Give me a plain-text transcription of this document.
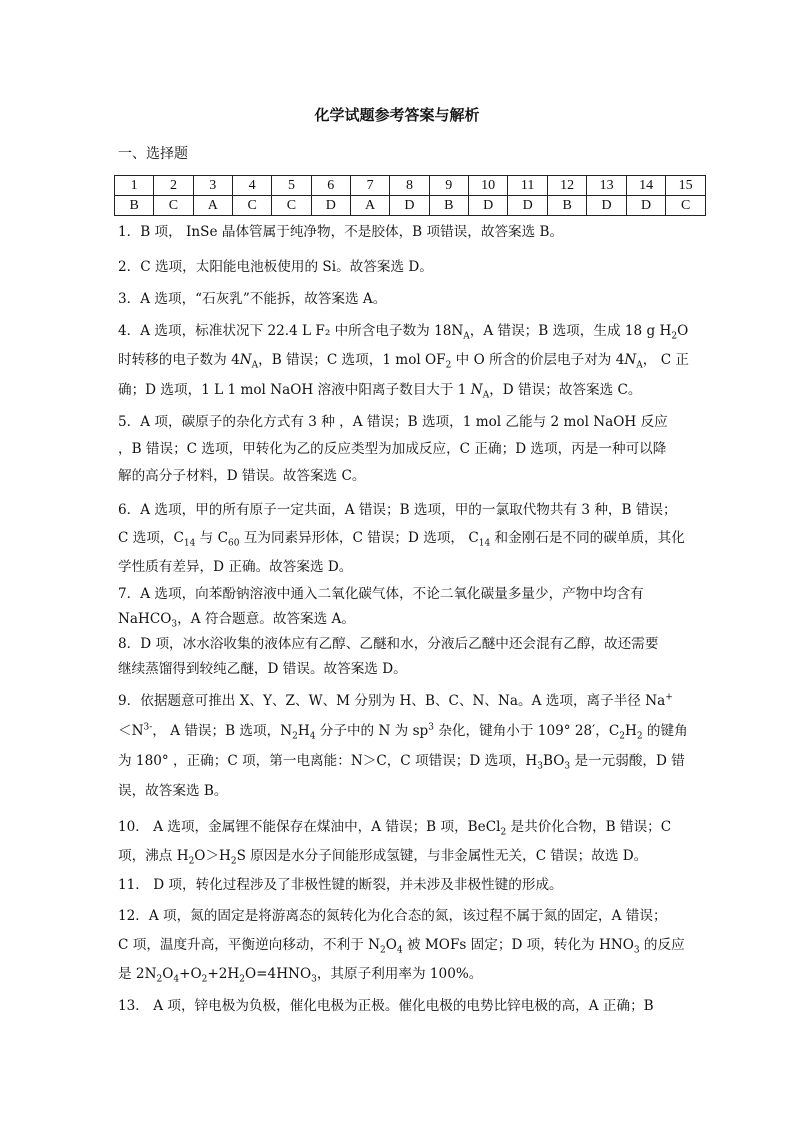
化学试题参考答案与解析
一、选择题
1	2	3	4	5	6	7	8	9	10	11	12	13	14	15
B	C	A	C	C	D	A	D	B	D	D	B	D	D	C
1．B 项， InSe 晶体管属于纯净物，不是胶体，B 项错误，故答案选 B。
2．C 选项，太阳能电池板使用的 Si。故答案选 D。
3．A 选项，“石灰乳”不能拆，故答案选 A。
4．A 选项，标准状况下 22.4 L F₂ 中所含电子数为 $18N_A$，A 错误；B 选项，生成 18 g $H_2O$
时转移的电子数为 $4N_A$，B 错误；C 选项，1 mol $OF_2$ 中 O 所含的价层电子对为 $4N_A$， C 正
确；D 选项，1 L 1 mol NaOH 溶液中阳离子数目大于 1 $N_A$，D 错误；故答案选 C。
5．A 项，碳原子的杂化方式有 3 种 ，A 错误；B 选项，1 mol 乙能与 2 mol NaOH 反应
，B 错误；C 选项，甲转化为乙的反应类型为加成反应，C 正确；D 选项，丙是一种可以降
解的高分子材料，D 错误。故答案选 C。
6．A 选项，甲的所有原子一定共面，A 错误；B 选项，甲的一氯取代物共有 3 种，B 错误；
C 选项，$C_{14}$ 与 $C_{60}$ 互为同素异形体，C 错误；D 选项， $C_{14}$ 和金刚石是不同的碳单质，其化
学性质有差异，D 正确。故答案选 D。
7．A 选项，向苯酚钠溶液中通入二氧化碳气体，不论二氧化碳量多量少，产物中均含有
NaHCO$_3$，A 符合题意。故答案选 A。
8．D 项，冰水浴收集的液体应有乙醇、乙醚和水，分液后乙醚中还会混有乙醇，故还需要
继续蒸馏得到较纯乙醚，D 错误。故答案选 D。
9．依据题意可推出 X、Y、Z、W、M 分别为 H、B、C、N、Na。A 选项，离子半径 Na+
$<N^{3-}$， A 错误；B 选项，$N_2H_4$ 分子中的 N 为 $sp^3$ 杂化，键角小于 109° 28′，$C_2H_2$ 的键角
为 180° ，正确；C 项，第一电离能：N＞C，C 项错误；D 选项，$H_3BO_3$ 是一元弱酸，D 错
误，故答案选 B。
10． A 选项，金属锂不能保存在煤油中，A 错误；B 项，BeCl$_2$ 是共价化合物，B 错误；C
项，沸点 $H_2O>H_2S$ 原因是水分子间能形成氢键，与非金属性无关，C 错误；故选 D。
11． D 项，转化过程涉及了非极性键的断裂，并未涉及非极性键的形成。
12．A 项，氮的固定是将游离态的氮转化为化合态的氮，该过程不属于氮的固定，A 错误；
C 项，温度升高，平衡逆向移动，不利于 $N_2O_4$ 被 MOFs 固定；D 项，转化为 $HNO_3$ 的反应
是 $2N_2O_4+O_2+2H_2O=4HNO_3$，其原子利用率为 100%。
13． A 项，锌电极为负极，催化电极为正极。催化电极的电势比锌电极的高，A 正确；B
